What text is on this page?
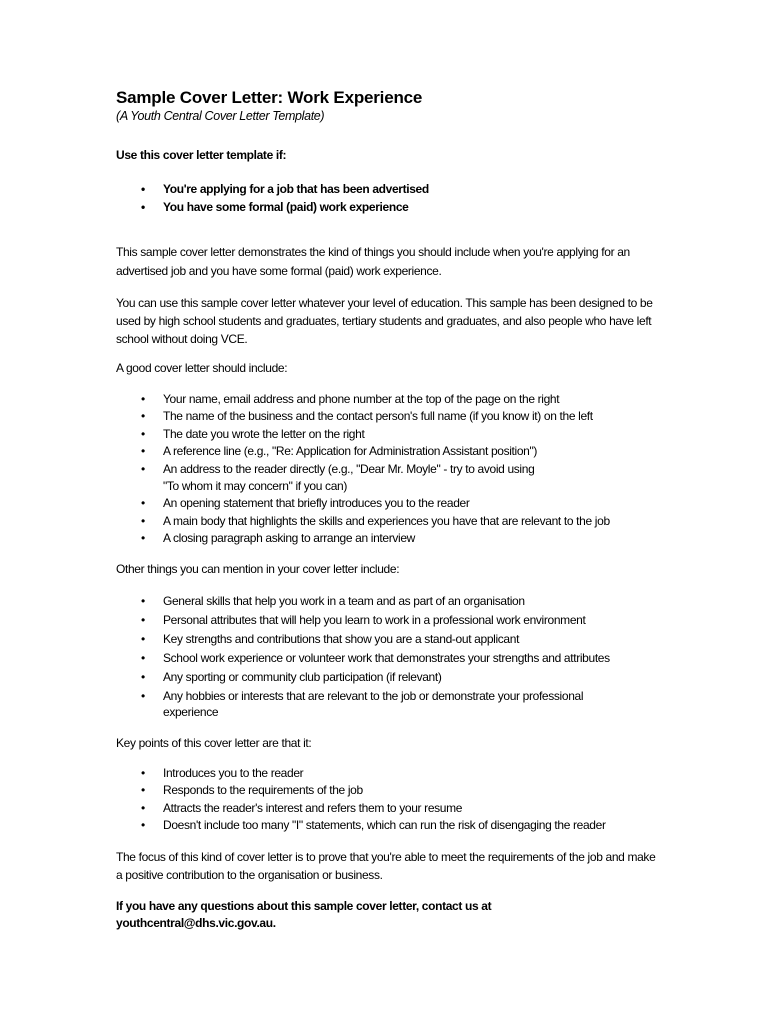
Sample Cover Letter: Work Experience

(A Youth Central Cover Letter Template)

Use this cover letter template if:

• You're applying for a job that has been advertised
• You have some formal (paid) work experience

This sample cover letter demonstrates the kind of things you should include when you're applying for an advertised job and you have some formal (paid) work experience.

You can use this sample cover letter whatever your level of education. This sample has been designed to be used by high school students and graduates, tertiary students and graduates, and also people who have left school without doing VCE.

A good cover letter should include:

• Your name, email address and phone number at the top of the page on the right
• The name of the business and the contact person's full name (if you know it) on the left
• The date you wrote the letter on the right
• A reference line (e.g., "Re: Application for Administration Assistant position")
• An address to the reader directly (e.g., "Dear Mr. Moyle" - try to avoid using "To whom it may concern" if you can)
• An opening statement that briefly introduces you to the reader
• A main body that highlights the skills and experiences you have that are relevant to the job
• A closing paragraph asking to arrange an interview

Other things you can mention in your cover letter include:

• General skills that help you work in a team and as part of an organisation
• Personal attributes that will help you learn to work in a professional work environment
• Key strengths and contributions that show you are a stand-out applicant
• School work experience or volunteer work that demonstrates your strengths and attributes
• Any sporting or community club participation (if relevant)
• Any hobbies or interests that are relevant to the job or demonstrate your professional experience

Key points of this cover letter are that it:

• Introduces you to the reader
• Responds to the requirements of the job
• Attracts the reader's interest and refers them to your resume
• Doesn't include too many "I" statements, which can run the risk of disengaging the reader

The focus of this kind of cover letter is to prove that you're able to meet the requirements of the job and make a positive contribution to the organisation or business.

If you have any questions about this sample cover letter, contact us at youthcentral@dhs.vic.gov.au.
